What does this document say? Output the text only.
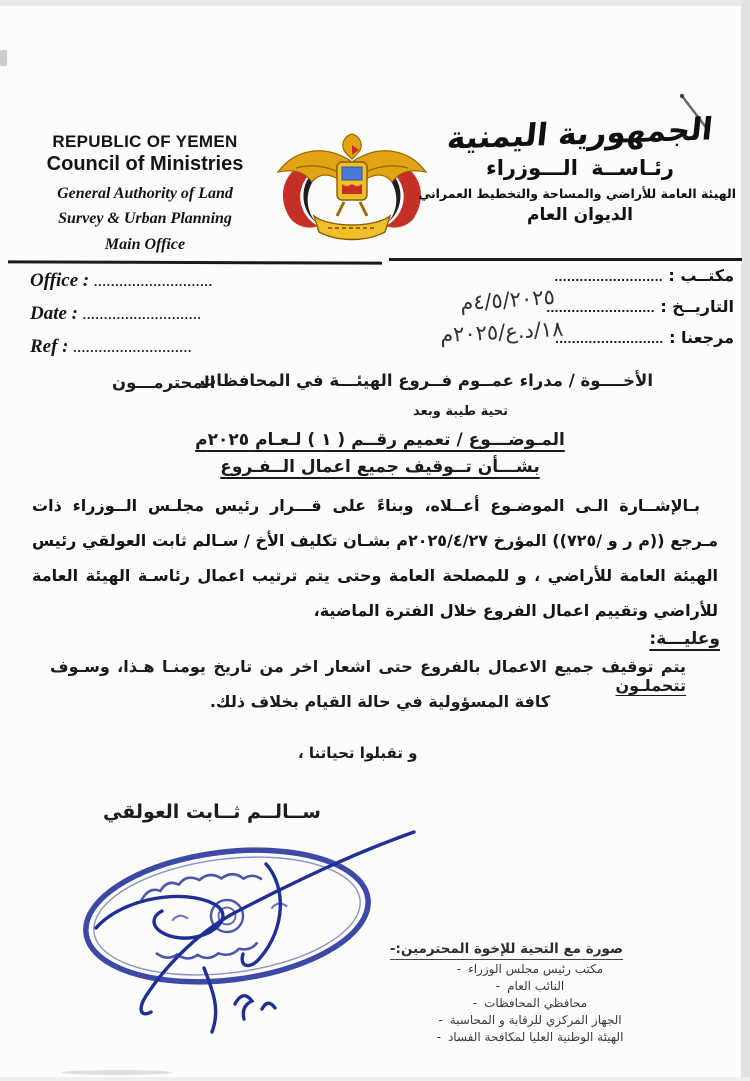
REPUBLIC OF YEMEN
Council of Ministries
General Authority of Land
Survey & Urban Planning
Main Office
الجمهورية اليمنية
رئـاســة الـــوزراء
الهيئة العامة للأراضي والمساحة والتخطيط العمراني
الديوان العام
Office : ............................
Date : ............................
Ref : ............................
مكتــب : ..........................
التاريــخ : ..........................
مرجعنا : ..........................
٤/٥/٢٠٢٥م
١٨/د.ع/٢٠٢٥م
الأخــــوة / مدراء عمــوم فــروع الهيئـــة في المحافظات
المحترمـــون
تحية طيبة وبعد
المـوضـــوع / تعميم رقــم ( ١ ) لـعـام ٢٠٢٥م
بشـــأن تــوقيف جميع اعمال الــفـروع
بـالإشــارة الـى الموضـوع أعــلاه، وبناءً على قـــرار رئيس مجلـس الــوزراء ذات مـرجع ((م ر و /٧٢٥)) المؤرخ ٢٠٢٥/٤/٢٧م بشـان تكليف الأخ / سـالم ثابت العولقي رئيس الهيئة العامة للأراضي ، و للمصلحة العامة وحتى يتم ترتيب اعمال رئاسـة الهيئة العامة للأراضي وتقييم اعمال الفروع خلال الفترة الماضية،
وعليـــة:
يتم توقيف جميع الاعمال بالفروع حتى اشعار اخر من تاريخ يومنـا هـذا، وسـوف تتحملـون
كافة المسؤولية في حالة القيام بخلاف ذلك.
و تقبلوا تحياتنا ،
ســالــم ثــابت العولقي
صورة مع التحية للإخوة المحترمين:-
- مكتب رئيس مجلس الوزراء
- النائب العام
- محافظي المحافظات
- الجهاز المركزي للرقابة و المحاسبة
- الهيئة الوطنية العليا لمكافحة الفساد
